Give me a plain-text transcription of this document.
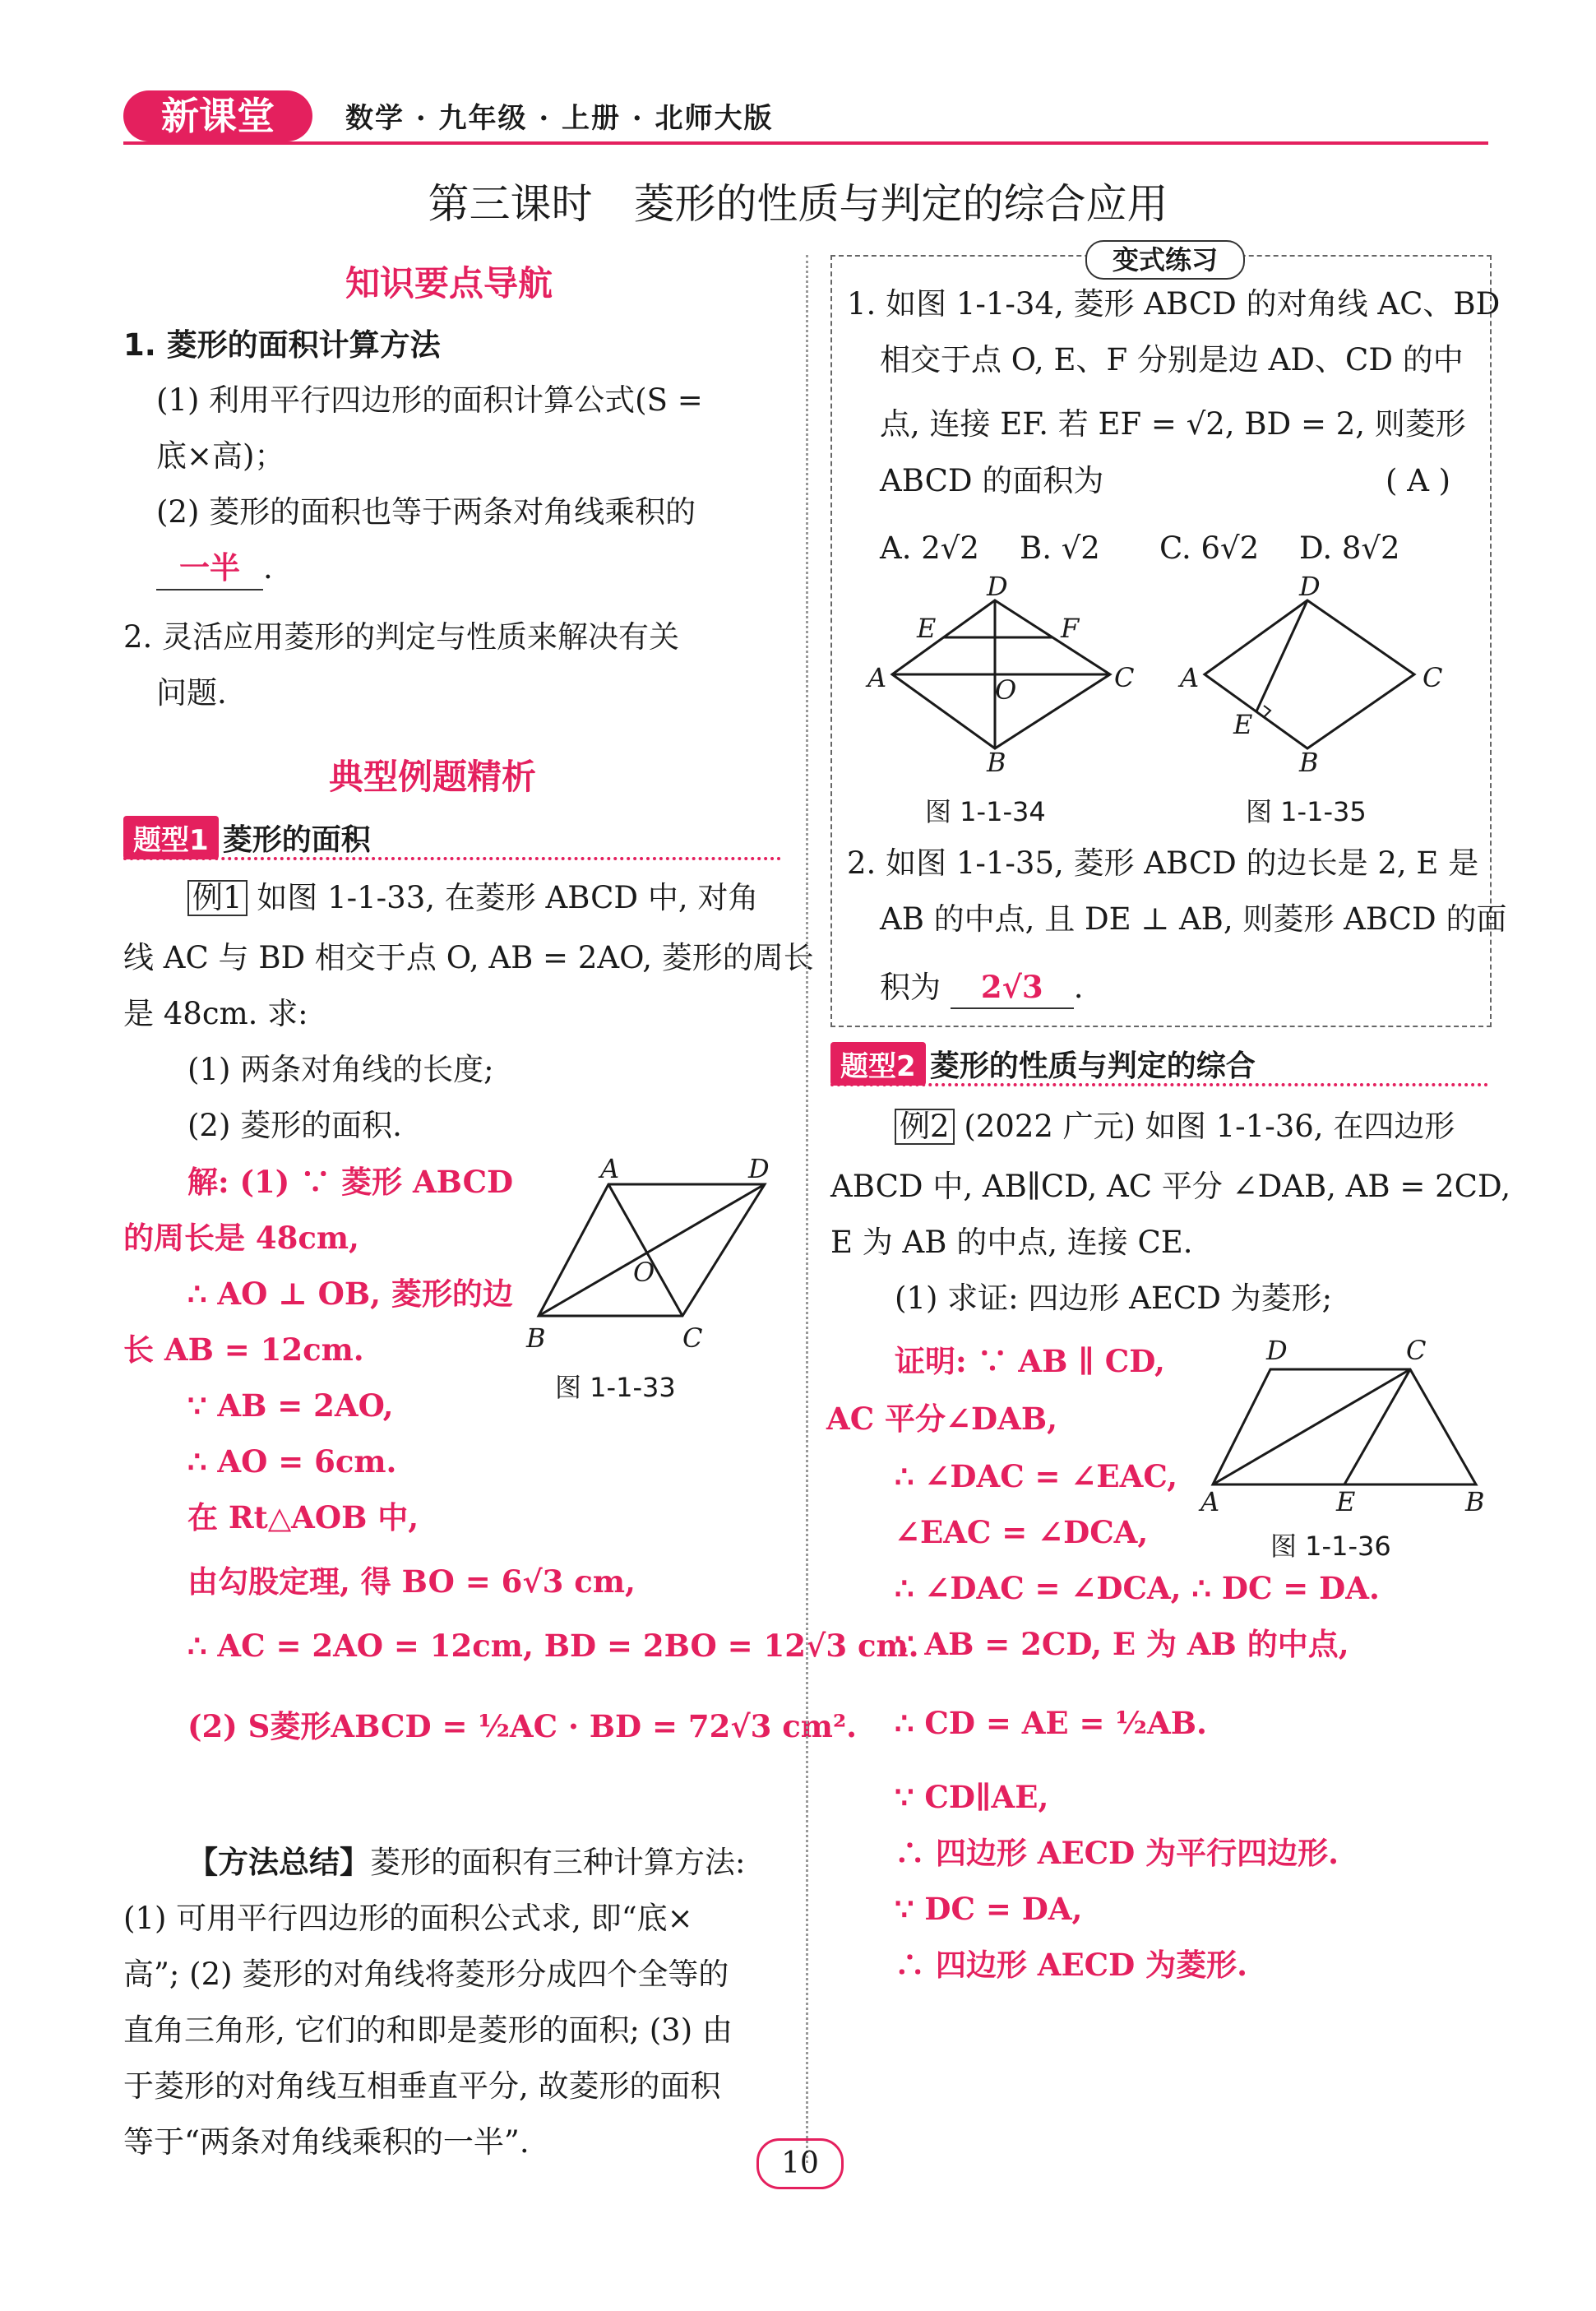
新课堂	数学 · 九年级 · 上册 · 北师大版
第三课时　菱形的性质与判定的综合应用
知识要点导航
1. 菱形的面积计算方法
(1) 利用平行四边形的面积计算公式(S =
底×高)；
(2) 菱形的面积也等于两条对角线乘积的
一半 .
2. 灵活应用菱形的判定与性质来解决有关
问题.
典型例题精析
题型1 菱形的面积
例1 如图 1-1-33, 在菱形 ABCD 中, 对角
线 AC 与 BD 相交于点 O, AB = 2AO, 菱形的周长
是 48cm. 求:
(1) 两条对角线的长度;
(2) 菱形的面积.
解: (1) ∵ 菱形 ABCD
的周长是 48cm,
∴ AO ⊥ OB, 菱形的边
长 AB = 12cm.
∵ AB = 2AO,
∴ AO = 6cm.
在 Rt△AOB 中,
由勾股定理, 得 BO = 6√3 cm,
∴ AC = 2AO = 12cm, BD = 2BO = 12√3 cm.
(2) S菱形ABCD = ½AC · BD = 72√3 cm².
A	D
O
B	C
图 1-1-33
【方法总结】菱形的面积有三种计算方法:
(1) 可用平行四边形的面积公式求, 即“底×
高”; (2) 菱形的对角线将菱形分成四个全等的
直角三角形, 它们的和即是菱形的面积; (3) 由
于菱形的对角线互相垂直平分, 故菱形的面积
等于“两条对角线乘积的一半”.
变式练习
1. 如图 1-1-34, 菱形 ABCD 的对角线 AC、BD
相交于点 O, E、F 分别是边 AD、CD 的中
点, 连接 EF. 若 EF = √2, BD = 2, 则菱形
ABCD 的面积为	( A )
A. 2√2 B. √2 C. 6√2 D. 8√2
D
E	F
A	O	C
B
图 1-1-34
D
A	C
E
B
图 1-1-35
2. 如图 1-1-35, 菱形 ABCD 的边长是 2, E 是
AB 的中点, 且 DE ⊥ AB, 则菱形 ABCD 的面
积为 2√3 .
题型2 菱形的性质与判定的综合
例2 (2022 广元) 如图 1-1-36, 在四边形
ABCD 中, AB∥CD, AC 平分 ∠DAB, AB = 2CD,
E 为 AB 的中点, 连接 CE.
(1) 求证: 四边形 AECD 为菱形;
证明: ∵ AB ∥ CD,
AC 平分∠DAB,
∴ ∠DAC = ∠EAC,
∠EAC = ∠DCA,
∴ ∠DAC = ∠DCA, ∴ DC = DA.
∵ AB = 2CD, E 为 AB 的中点,
∴ CD = AE = ½AB.
∵ CD∥AE,
∴ 四边形 AECD 为平行四边形.
∵ DC = DA,
∴ 四边形 AECD 为菱形.
D	C
A	E	B
图 1-1-36
10
